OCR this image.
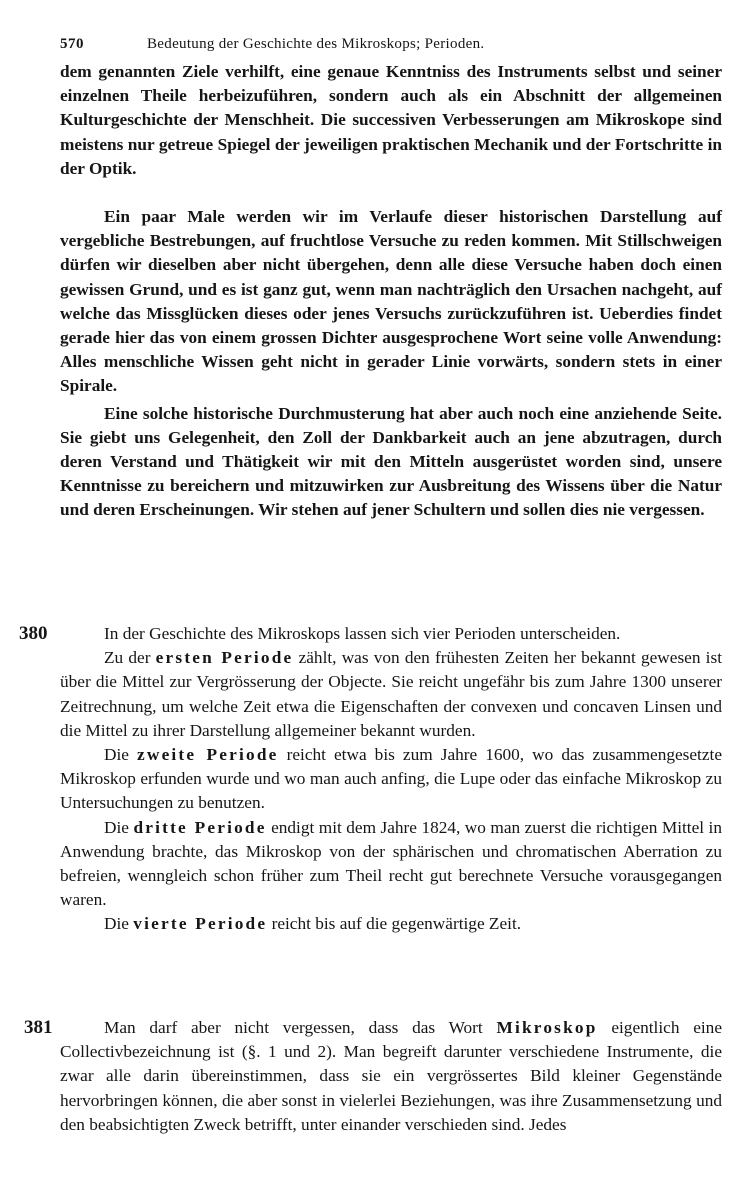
570	Bedeutung der Geschichte des Mikroskops; Perioden.

dem genannten Ziele verhilft, eine genaue Kenntniss des Instruments selbst und seiner einzelnen Theile herbeizuführen, sondern auch als ein Abschnitt der allgemeinen Kulturgeschichte der Menschheit. Die successiven Verbesserungen am Mikroskope sind meistens nur getreue Spiegel der jeweiligen praktischen Mechanik und der Fortschritte in der Optik.

Ein paar Male werden wir im Verlaufe dieser historischen Darstellung auf vergebliche Bestrebungen, auf fruchtlose Versuche zu reden kommen. Mit Stillschweigen dürfen wir dieselben aber nicht übergehen, denn alle diese Versuche haben doch einen gewissen Grund, und es ist ganz gut, wenn man nachträglich den Ursachen nachgeht, auf welche das Missglücken dieses oder jenes Versuchs zurückzuführen ist. Ueberdies findet gerade hier das von einem grossen Dichter ausgesprochene Wort seine volle Anwendung: Alles menschliche Wissen geht nicht in gerader Linie vorwärts, sondern stets in einer Spirale.

Eine solche historische Durchmusterung hat aber auch noch eine anziehende Seite. Sie giebt uns Gelegenheit, den Zoll der Dankbarkeit auch an jene abzutragen, durch deren Verstand und Thätigkeit wir mit den Mitteln ausgerüstet worden sind, unsere Kenntnisse zu bereichern und mitzuwirken zur Ausbreitung des Wissens über die Natur und deren Erscheinungen. Wir stehen auf jener Schultern und sollen dies nie vergessen.

380	In der Geschichte des Mikroskops lassen sich vier Perioden unterscheiden.

Zu der ersten Periode zählt, was von den frühesten Zeiten her bekannt gewesen ist über die Mittel zur Vergrösserung der Objecte. Sie reicht ungefähr bis zum Jahre 1300 unserer Zeitrechnung, um welche Zeit etwa die Eigenschaften der convexen und concaven Linsen und die Mittel zu ihrer Darstellung allgemeiner bekannt wurden.

Die zweite Periode reicht etwa bis zum Jahre 1600, wo das zusammengesetzte Mikroskop erfunden wurde und wo man auch anfing, die Lupe oder das einfache Mikroskop zu Untersuchungen zu benutzen.

Die dritte Periode endigt mit dem Jahre 1824, wo man zuerst die richtigen Mittel in Anwendung brachte, das Mikroskop von der sphärischen und chromatischen Aberration zu befreien, wenngleich schon früher zum Theil recht gut berechnete Versuche vorausgegangen waren.

Die vierte Periode reicht bis auf die gegenwärtige Zeit.

381	Man darf aber nicht vergessen, dass das Wort Mikroskop eigentlich eine Collectivbezeichnung ist (§. 1 und 2). Man begreift darunter verschiedene Instrumente, die zwar alle darin übereinstimmen, dass sie ein vergrössertes Bild kleiner Gegenstände hervorbringen können, die aber sonst in vielerlei Beziehungen, was ihre Zusammensetzung und den beabsichtigten Zweck betrifft, unter einander verschieden sind. Jedes
